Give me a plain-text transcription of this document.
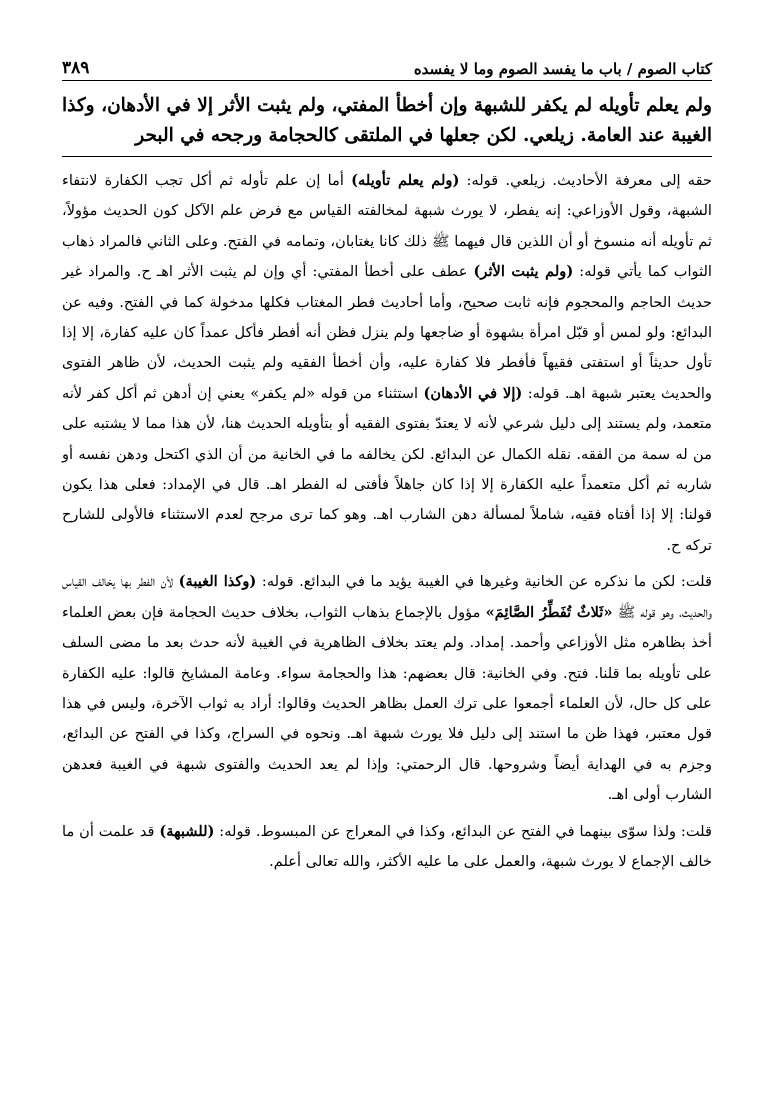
كتاب الصوم / باب ما يفسد الصوم وما لا يفسده
٣٨٩
ولم يعلم تأويله لم يكفر للشبهة وإن أخطأ المفتي، ولم يثبت الأثر إلا في الأدهان، وكذا الغيبة عند العامة. زيلعي. لكن جعلها في الملتقى كالحجامة ورجحه في البحر

حقه إلى معرفة الأحاديث. زيلعي. قوله: (ولم يعلم تأويله) أما إن علم تأوله ثم أكل تجب الكفارة لانتفاء الشبهة، وقول الأوزاعي: إنه يفطر، لا يورث شبهة لمخالفته القياس مع فرض علم الآكل كون الحديث مؤولاً، ثم تأويله أنه منسوخ أو أن اللذين قال فيهما ﷺ ذلك كانا يغتابان، وتمامه في الفتح. وعلى الثاني فالمراد ذهاب الثواب كما يأتي قوله: (ولم يثبت الأثر) عطف على أخطأ المفتي: أي وإن لم يثبت الأثر اهـ ح. والمراد غير حديث الحاجم والمحجوم فإنه ثابت صحيح، وأما أحاديث فطر المغتاب فكلها مدخولة كما في الفتح. وفيه عن البدائع: ولو لمس أو قبّل امرأة بشهوة أو ضاجعها ولم ينزل فظن أنه أفطر فأكل عمداً كان عليه كفارة، إلا إذا تأول حديثاً أو استفتى فقيهاً فأفطر فلا كفارة عليه، وأن أخطأ الفقيه ولم يثبت الحديث، لأن ظاهر الفتوى والحديث يعتبر شبهة اهـ. قوله: (إلا في الأدهان) استثناء من قوله «لم يكفر» يعني إن أدهن ثم أكل كفر لأنه متعمد، ولم يستند إلى دليل شرعي لأنه لا يعتدّ بفتوى الفقيه أو بتأويله الحديث هنا، لأن هذا مما لا يشتبه على من له سمة من الفقه. نقله الكمال عن البدائع. لكن يخالفه ما في الخانية من أن الذي اكتحل ودهن نفسه أو شاربه ثم أكل متعمداً عليه الكفارة إلا إذا كان جاهلاً فأفتى له الفطر اهـ. قال في الإمداد: فعلى هذا يكون قولنا: إلا إذا أفتاه فقيه، شاملاً لمسألة دهن الشارب اهـ. وهو كما ترى مرجح لعدم الاستثناء فالأولى للشارح تركه ح.

قلت: لكن ما نذكره عن الخانية وغيرها في الغيبة يؤيد ما في البدائع. قوله: (وكذا الغيبة) لأن الفطر بها يخالف القياس والحديث، وهو قوله ﷺ «ثَلاثٌ تُفَطِّرُ الصَّائِمَ» مؤول بالإجماع بذهاب الثواب، بخلاف حديث الحجامة فإن بعض العلماء أخذ بظاهره مثل الأوزاعي وأحمد. إمداد. ولم يعتد بخلاف الظاهرية في الغيبة لأنه حدث بعد ما مضى السلف على تأويله بما قلنا. فتح. وفي الخانية: قال بعضهم: هذا والحجامة سواء. وعامة المشايخ قالوا: عليه الكفارة على كل حال، لأن العلماء أجمعوا على ترك العمل بظاهر الحديث وقالوا: أراد به ثواب الآخرة، وليس في هذا قول معتبر، فهذا ظن ما استند إلى دليل فلا يورث شبهة اهـ. ونحوه في السراج، وكذا في الفتح عن البدائع، وجزم به في الهداية أيضاً وشروحها. قال الرحمتي: وإذا لم يعد الحديث والفتوى شبهة في الغيبة فعدهن الشارب أولى اهـ.

قلت: ولذا سوّى بينهما في الفتح عن البدائع، وكذا في المعراج عن المبسوط. قوله: (للشبهة) قد علمت أن ما خالف الإجماع لا يورث شبهة، والعمل على ما عليه الأكثر، والله تعالى أعلم.
